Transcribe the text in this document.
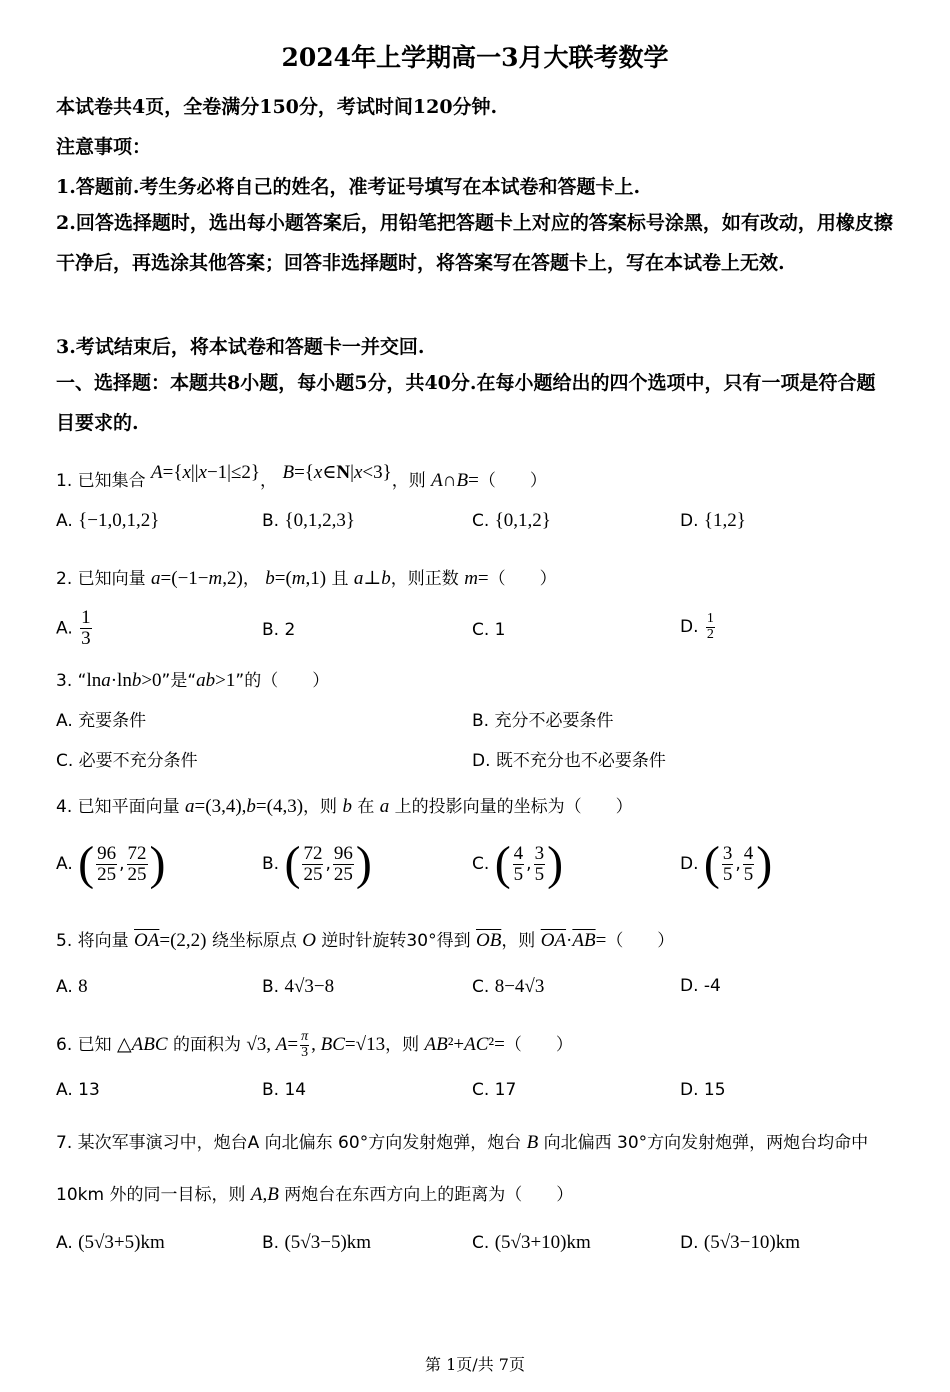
2024年上学期高一3月大联考数学
本试卷共4页，全卷满分150分，考试时间120分钟.
注意事项：
1.答题前.考生务必将自己的姓名，准考证号填写在本试卷和答题卡上.
2.回答选择题时，选出每小题答案后，用铅笔把答题卡上对应的答案标号涂黑，如有改动，用橡皮擦干净后，再选涂其他答案；回答非选择题时，将答案写在答题卡上，写在本试卷上无效.
3.考试结束后，将本试卷和答题卡一并交回.
一、选择题：本题共8小题，每小题5分，共40分.在每小题给出的四个选项中，只有一项是符合题目要求的.
1. 已知集合 A={x||x−1|≤2}， B={x∈N|x<3}，则 A∩B=（　　）
A. {−1,0,1,2}	B. {0,1,2,3}	C. {0,1,2}	D. {1,2}
2. 已知向量 a=(−1−m,2)， b=(m,1) 且 a⊥b，则正数 m=（　　）
A. $\frac{1}{3}$	B. 2	C. 1	D. $\frac{1}{2}$
3. “lna·lnb>0”是“ab>1”的（　　）
A. 充要条件	B. 充分不必要条件
C. 必要不充分条件	D. 既不充分也不必要条件
4. 已知平面向量 a=(3,4),b=(4,3)，则 b 在 a 上的投影向量的坐标为（　　）
A. ( $\frac{96}{25}$ , $\frac{72}{25}$ )	B. ( $\frac{72}{25}$ , $\frac{96}{25}$ )	C. ( $\frac{4}{5}$ , $\frac{3}{5}$ )	D. ( $\frac{3}{5}$ , $\frac{4}{5}$ )
5. 将向量 $\overline{OA}=(2,2)$ 绕坐标原点 O 逆时针旋转30°得到 $\overline{OB}$，则 $\overline{OA}\cdot\overline{AB}=$（　　）
A. 8	B. 4√3−8	C. 8−4√3	D. -4
6. 已知 △ABC 的面积为 √3, $A= \frac{\pi}{3}$ , BC=√13，则 AB²+AC²=（　　）
A. 13	B. 14	C. 17	D. 15
7. 某次军事演习中，炮台A 向北偏东 60°方向发射炮弹，炮台 B 向北偏西 30°方向发射炮弹，两炮台均命中
10km 外的同一目标，则 A,B 两炮台在东西方向上的距离为（　　）
A. (5√3+5)km	B. (5√3−5)km	C. (5√3+10)km	D. (5√3−10)km
第 1页/共 7页
